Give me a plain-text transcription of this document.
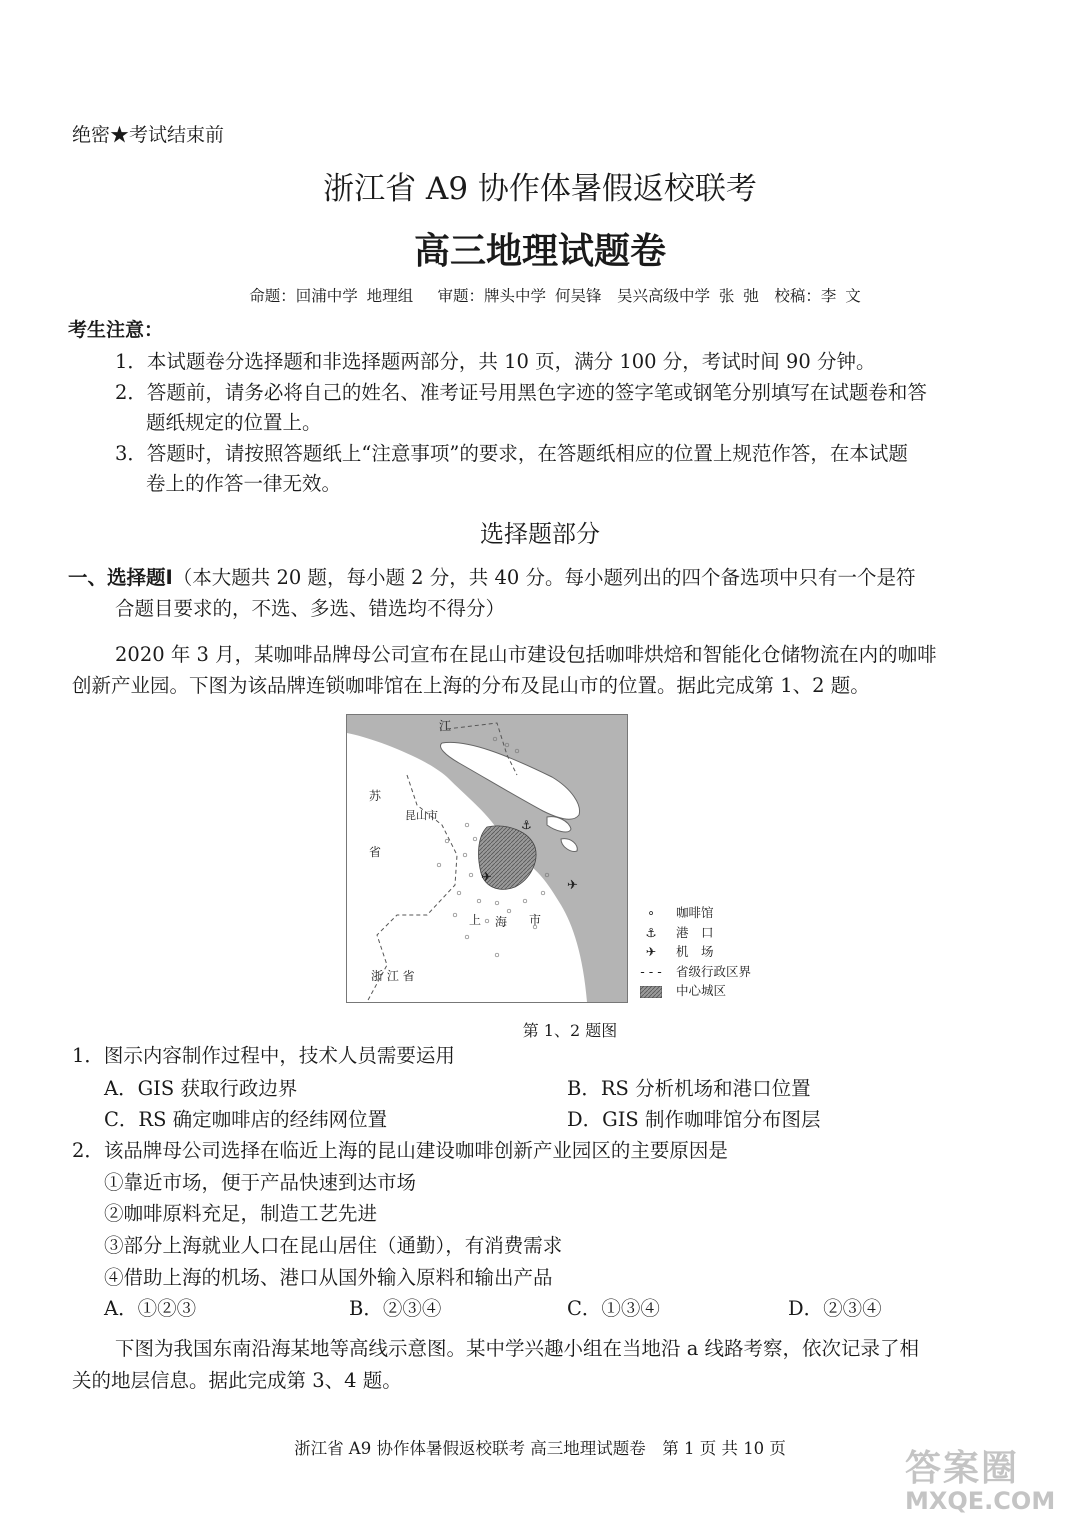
绝密★考试结束前
浙江省 A9 协作体暑假返校联考
高三地理试题卷
命题：回浦中学 地理组　 审题：牌头中学 何吴锋　吴兴高级中学 张 弛　校稿：李 文
考生注意：
1．本试题卷分选择题和非选择题两部分，共 10 页，满分 100 分，考试时间 90 分钟。
2．答题前，请务必将自己的姓名、准考证号用黑色字迹的签字笔或钢笔分别填写在试题卷和答
题纸规定的位置上。
3．答题时，请按照答题纸上“注意事项”的要求，在答题纸相应的位置上规范作答，在本试题
卷上的作答一律无效。
选择题部分
一、选择题Ⅰ（本大题共 20 题，每小题 2 分，共 40 分。每小题列出的四个备选项中只有一个是符
合题目要求的，不选、多选、错选均不得分）
2020 年 3 月，某咖啡品牌母公司宣布在昆山市建设包括咖啡烘焙和智能化仓储物流在内的咖啡
创新产业园。下图为该品牌连锁咖啡馆在上海的分布及昆山市的位置。据此完成第 1、2 题。
⚓
✈
✈
江
苏
省
昆山市
上 海 市
浙 江 省
∘	咖啡馆
⚓	港　口
✈	机　场
- - -	省级行政区界
中心城区
第 1、2 题图
1．图示内容制作过程中，技术人员需要运用
A．GIS 获取行政边界	B．RS 分析机场和港口位置
C．RS 确定咖啡店的经纬网位置	D．GIS 制作咖啡馆分布图层
2．该品牌母公司选择在临近上海的昆山建设咖啡创新产业园区的主要原因是
①靠近市场，便于产品快速到达市场
②咖啡原料充足，制造工艺先进
③部分上海就业人口在昆山居住（通勤），有消费需求
④借助上海的机场、港口从国外输入原料和输出产品
A．①②③	B．②③④	C．①③④	D．②③④
下图为我国东南沿海某地等高线示意图。某中学兴趣小组在当地沿 a 线路考察，依次记录了相
关的地层信息。据此完成第 3、4 题。
浙江省 A9 协作体暑假返校联考 高三地理试题卷　第 1 页 共 10 页	答案圈
MXQE.COM
